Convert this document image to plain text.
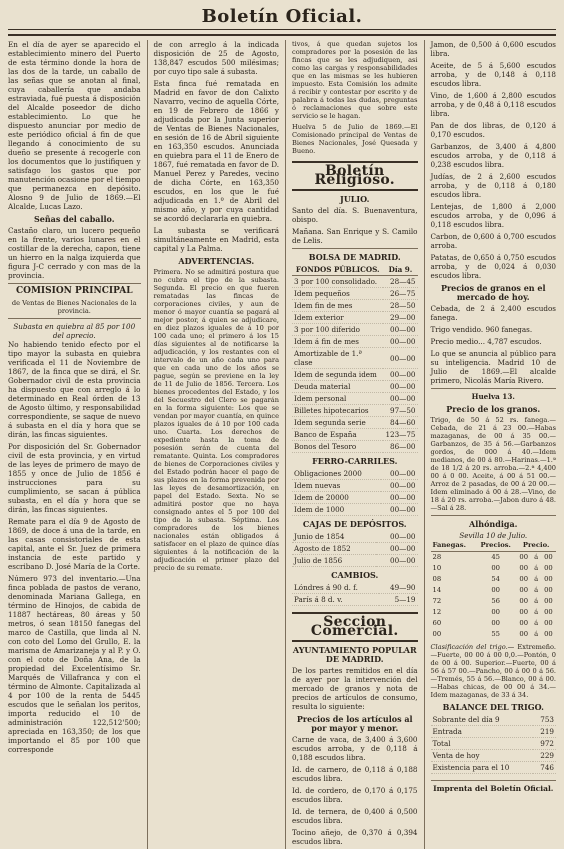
Boletín Oficial.

En el día de ayer se aparecido el establecimiento minero del Puerto de esta término donde la hora de las dos de la tarde, un caballo de las señas que se anotan al final, cuya caballería que andaba estraviada, fué puesta á disposición del Alcalde poseedor de dicho establecimiento. Lo que he dispuesto anunciar por medio de este periódico oficial á fin de que llegando á conocimiento de su dueño se presente á recogerle con los documentos que lo justifiquen y satisfago los gastos que por manutención ocasione por el tiempo que permanezca en depósito. Alosno 9 de Julio de 1869.—El Alcalde, Lucas Lazo.

Señas del caballo.

Castaño claro, un lucero pequeño en la frente, varios lunares en el costillar de la derecha, capon, tiene un hierro en la nalga izquierda que figura J-C cerrado y con mas de la provincia.

COMISION PRINCIPAL
de Ventas de Bienes Nacionales de la provincia.
Subasta en quiebra al 85 por 100 del aprecio.

No habiendo tenido efecto por el tipo mayor la subasta en quiebra verificada el 11 de Noviembre de 1867, de la finca que se dirá, el Sr. Gobernador civil de esta provincia ha dispuesto que con arreglo á lo determinado en Real órden de 13 de Agosto último, y responsabilidad correspondiente, se saque de nuevo á subasta en el día y hora que se dirán, las fincas siguientes.

Por disposición del Sr. Gobernador civil de esta provincia, y en virtud de las leyes de primero de mayo de 1855 y once de Julio de 1856 é instrucciones para su cumplimiento, se sacan á pública subasta, en el día y hora que se dirán, las fincas siguientes.

Remate para el día 9 de Agosto de 1869, de doce á una de la tarde, en las casas consistoriales de esta capital, ante el Sr. Juez de primera instancia de este partido y escribano D. José María de la Corte.

Número 973 del inventario.—Una finca poblada de pastos de verano, denominada Mariana Gallega, en término de Hinojos, de cabida de 11887 hectáreas, 80 áreas y 50 metros, ó sean 18150 fanegas del marco de Castilla, que linda al N. con coto del Lomo del Grullo, E. la marisma de Amarizaneja y al P. y O. con el coto de Doña Ana, de la propiedad del Excelentísimo Sr. Marqués de Villafranca y con el término de Almonte. Capitalizada al 4 por 100 de la renta de 5445 escudos que le señalan los peritos, importa reducido el 10 de administración 122,512'500; apreciada en 163,350; de los que importando el 85 por 100 que corresponde

de con arreglo á la indicada disposición de 25 de Agosto, 138,847 escudos 500 milésimas; por cuyo tipo sale á subasta.

Esta finca fué rematada en Madrid en favor de don Calixto Navarro, vecino de aquella Córte, en 19 de Febrero de 1866 y adjudicada por la Junta superior de Ventas de Bienes Nacionales, en sesión de 16 de Abril siguiente en 163,350 escudos. Anunciada en quiebra para el 11 de Enero de 1867, fué rematada en favor de D. Manuel Perez y Paredes, vecino de dicha Córte, en 163,350 escudos, en los que le fué adjudicada en 1.º de Abril del mismo año, y por cuya cantidad se acordó declararla en quiebra.

La subasta se verificará simultáneamente en Madrid, esta capital y La Palma.

ADVERTENCIAS.

Primera. No se admitirá postura que no cubra el tipo de la subasta. Segunda. El precio en que fueren rematadas las fincas de corporaciones civiles, y aun de menor ó mayor cuantía se pagará al mejor postor, á quien se adjudicare, en diez plazos iguales de á 10 por 100 cada uno; el primero á los 15 días siguientes al de notificarse la adjudicación, y los restantes con el intervalo de un año cada uno para que en cada uno de los años se pague, según se previene en la ley de 11 de Julio de 1856. Tercera. Los bienes procedentes del Estado, y los del Secuestro del Clero se pagarán en la forma siguiente: Los que se vendan por mayor cuantía, en quince plazos iguales de á 10 por 100 cada uno. Cuarta. Los derechos de expediente hasta la toma de posesión serán de cuenta del rematante. Quinta. Los compradores de bienes de Corporaciones civiles y del Estado podrán hacer el pago de sus plazos en la forma prevenida por las leyes de desamortización, en papel del Estado. Sexta. No se admitirá postor que no haya consignado antes el 5 por 100 del tipo de la subasta. Séptima. Los compradores de los bienes nacionales están obligados á satisfacer en el plazo de quince días siguientes á la notificación de la adjudicación el primer plazo del precio de su remate.

tivos, á que quedan sujetos los compradores por la posesión de las fincas que se les adjudiquen, asi como las cargas y responsabilidades que en las mismas se les hubieren impuesto. Esta Comisión los admite á recibir y contestar por escrito y de palabra á todas las dudas, preguntas ó reclamaciones que sobre este servicio se le hagan.

Huelva 5 de Julio de 1869.—El Comisionado principal de Ventas de Bienes Nacionales, José Quesada y Bueno.

Boletín Religioso.
JULIO.

Santo del día. S. Buenaventura, obispo.

Mañana. San Enrique y S. Camilo de Lelis.

BOLSA DE MADRID.
FONDOS PÚBLICOS.	Día 9.
3 por 100 consolidado.	28—45
Idem pequeños	26—75
Idem fin de mes	28—50
Idem exterior	29—00
3 por 100 diferido	00—00
Idem á fin de mes	00—00
Amortizable de 1.ª clase	00—00
Idem de segunda idem	00—00
Deuda material	00—00
Idem personal	00—00
Billetes hipotecarios	97—50
Idem segunda serie	84—60
Banco de España	123—75
Bonos del Tesoro	86—00
FERRO-CARRILES.
Obligaciones 2000	00—00
Idem nuevas	00—00
Idem de 20000	00—00
Idem de 1000	00—00
CAJAS DE DEPÓSITOS.
Junio de 1854	00—00
Agosto de 1852	00—00
Julio de 1856	00—00
CAMBIOS.
Lóndres á 90 d. f.	49—90
París á 8 d. v.	5—19
Seccion Comercial.
AYUNTAMIENTO POPULAR DE MADRID.

De los partes remitidos en el día de ayer por la intervención del mercado de granos y nota de precios de artículos de consumo, resulta lo siguiente:

Precios de los artículos al por mayor y menor.

Carne de vaca, de 3,400 á 3,600 escudos arroba, y de 0,118 á 0,188 escudos libra.

Id. de carnero, de 0,118 á 0,188 escudos libra.

Id. de cordero, de 0,170 á 0,175 escudos libra.

Id. de ternera, de 0,400 á 0,500 escudos libra.

Tocino añejo, de 0,370 á 0,394 escudos libra.

Jamon, de 0,500 á 0,600 escudos libra.

Aceite, de 5 á 5,600 escudos arroba, y de 0,148 á 0,118 escudos libra.

Vino, de 1,600 á 2,800 escudos arroba, y de 0,48 á 0,118 escudos libra.

Pan de dos libras, de 0,120 á 0,170 escudos.

Garbanzos, de 3,400 á 4,800 escudos arroba, y de 0,118 á 0,238 escudos libra.

Judías, de 2 á 2,600 escudos arroba, y de 0,118 á 0,180 escudos libra.

Lentejas, de 1,800 á 2,000 escudos arroba, y de 0,096 á 0,118 escudos libra.

Carbon, de 0,600 á 0,700 escudos arroba.

Patatas, de 0,650 á 0,750 escudos arroba, y de 0,024 á 0,030 escudos libra.

Precios de granos en el mercado de hoy.

Cebada, de 2 á 2,400 escudos fanega.

Trigo vendido. 960 fanegas.

Precio medio... 4,787 escudos.

Lo que se anuncia al público para su inteligencia. Madrid 10 de Julio de 1869.—El alcalde primero, Nicolás María Rivero.

Huelva 13.
Precio de los granos.

Trigo, de 50 á 52 rs. fanega.—Cebada, de 21 á 23 00.—Habas mazaganas, de 00 á 35 00.—Garbanzos, de 35 á 56.—Garbanzos gordos, de 000 á 40.—Idem medianos, de 00 á 80.—Harinas.—1.ª de 18 1/2 á 20 rs. arroba.—2.ª 4,400 00 á 0 00. Aceite, á 00 á 51 00.—Arroz de 2 pasadas, de 00 á 20 00.—Idem eliminado á 00 á 28.—Vino, de 18 á 20 rs. arroba.—Jabon duro á 48.—Sal á 28.

Alhóndiga.
Sevilla 10 de Julio.
Fanegas.	Precios.	Precio.		
28	45	00	á	00
10	00	00	á	00
08	54	00	á	00
14	00	00	á	00
72	56	00	á	00
12	00	00	á	00
60	00	00	á	00
00	55	00	á	00

Clasificación del trigo.— Extremeño.—Fuerte, 00 00 á 00 0,0.—Pontón, 0 de 00 á 00. Superior.—Fuerte, 00 á 56 á 57 00.—Pancho, 00 á 00 0 á 56.—Tremés, 55 á 56.—Blanco, 00 á 00.—Habas chicas, de 00 00 á 34.—Idem mazaganas, de 33 á 34.

BALANCE DEL TRIGO.
Sobrante del día 9	753
Entrada	219
Total	972
Venta de hoy	229
Existencia para el 10	746
Imprenta del Boletín Oficial.
